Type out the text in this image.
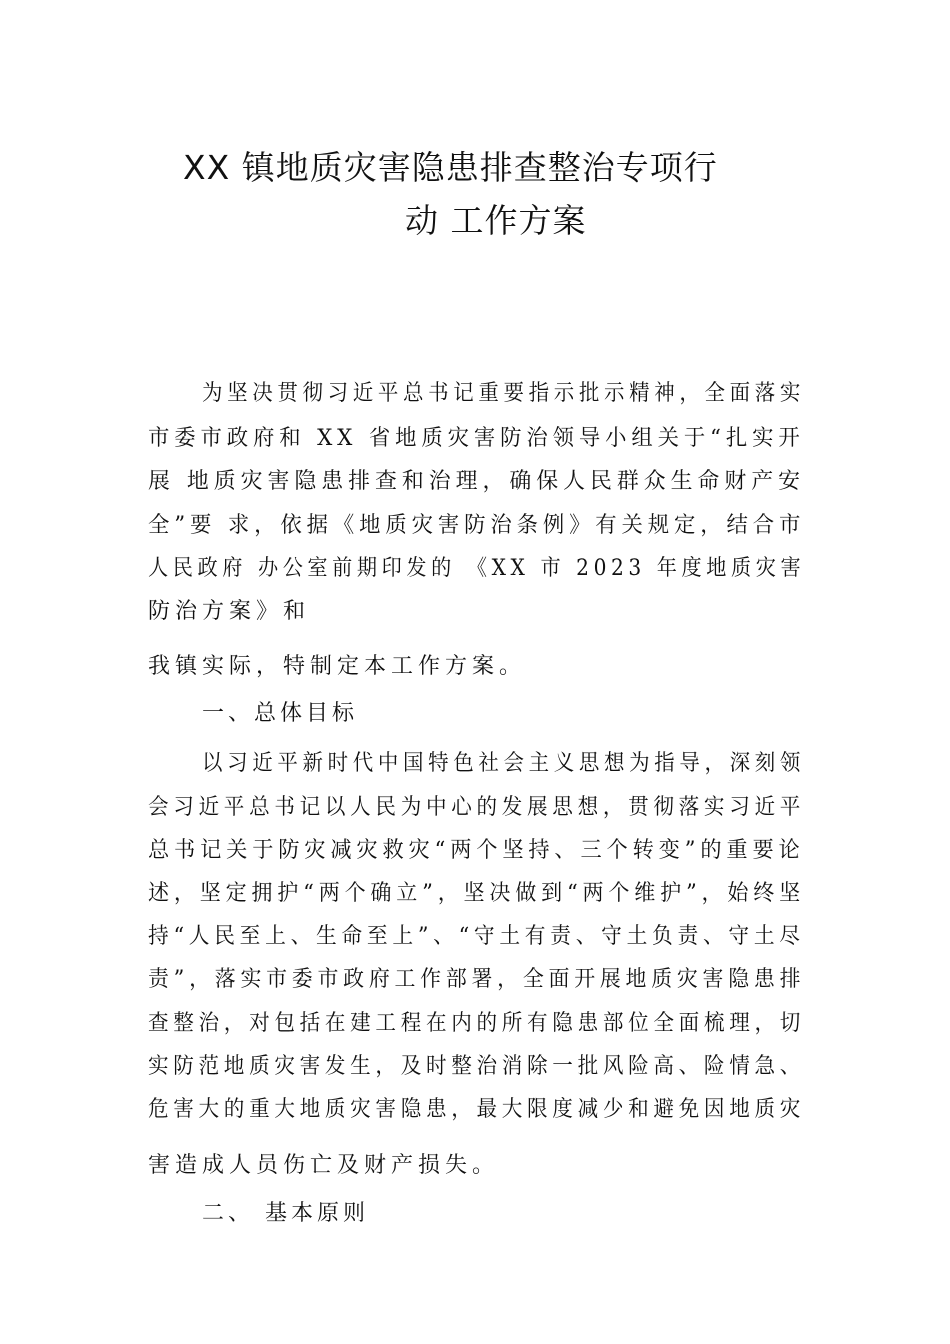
XX 镇地质灾害隐患排查整治专项行
动 工作方案
为坚决贯彻习近平总书记重要指示批示精神，全面落实
市委市政府和 XX 省地质灾害防治领导小组关于“扎实开
展 地质灾害隐患排查和治理，确保人民群众生命财产安
全”要 求，依据《地质灾害防治条例》有关规定，结合市
人民政府 办公室前期印发的 《XX 市 2023 年度地质灾害
防治方案》和
我镇实际，特制定本工作方案。
一、总体目标
以习近平新时代中国特色社会主义思想为指导，深刻领
会习近平总书记以人民为中心的发展思想，贯彻落实习近平
总书记关于防灾减灾救灾“两个坚持、三个转变”的重要论
述，坚定拥护“两个确立”，坚决做到“两个维护”，始终坚
持“人民至上、生命至上”、“守土有责、守土负责、守土尽
责”，落实市委市政府工作部署，全面开展地质灾害隐患排
查整治，对包括在建工程在内的所有隐患部位全面梳理，切
实防范地质灾害发生，及时整治消除一批风险高、险情急、
危害大的重大地质灾害隐患，最大限度减少和避免因地质灾
害造成人员伤亡及财产损失。
二、 基本原则
